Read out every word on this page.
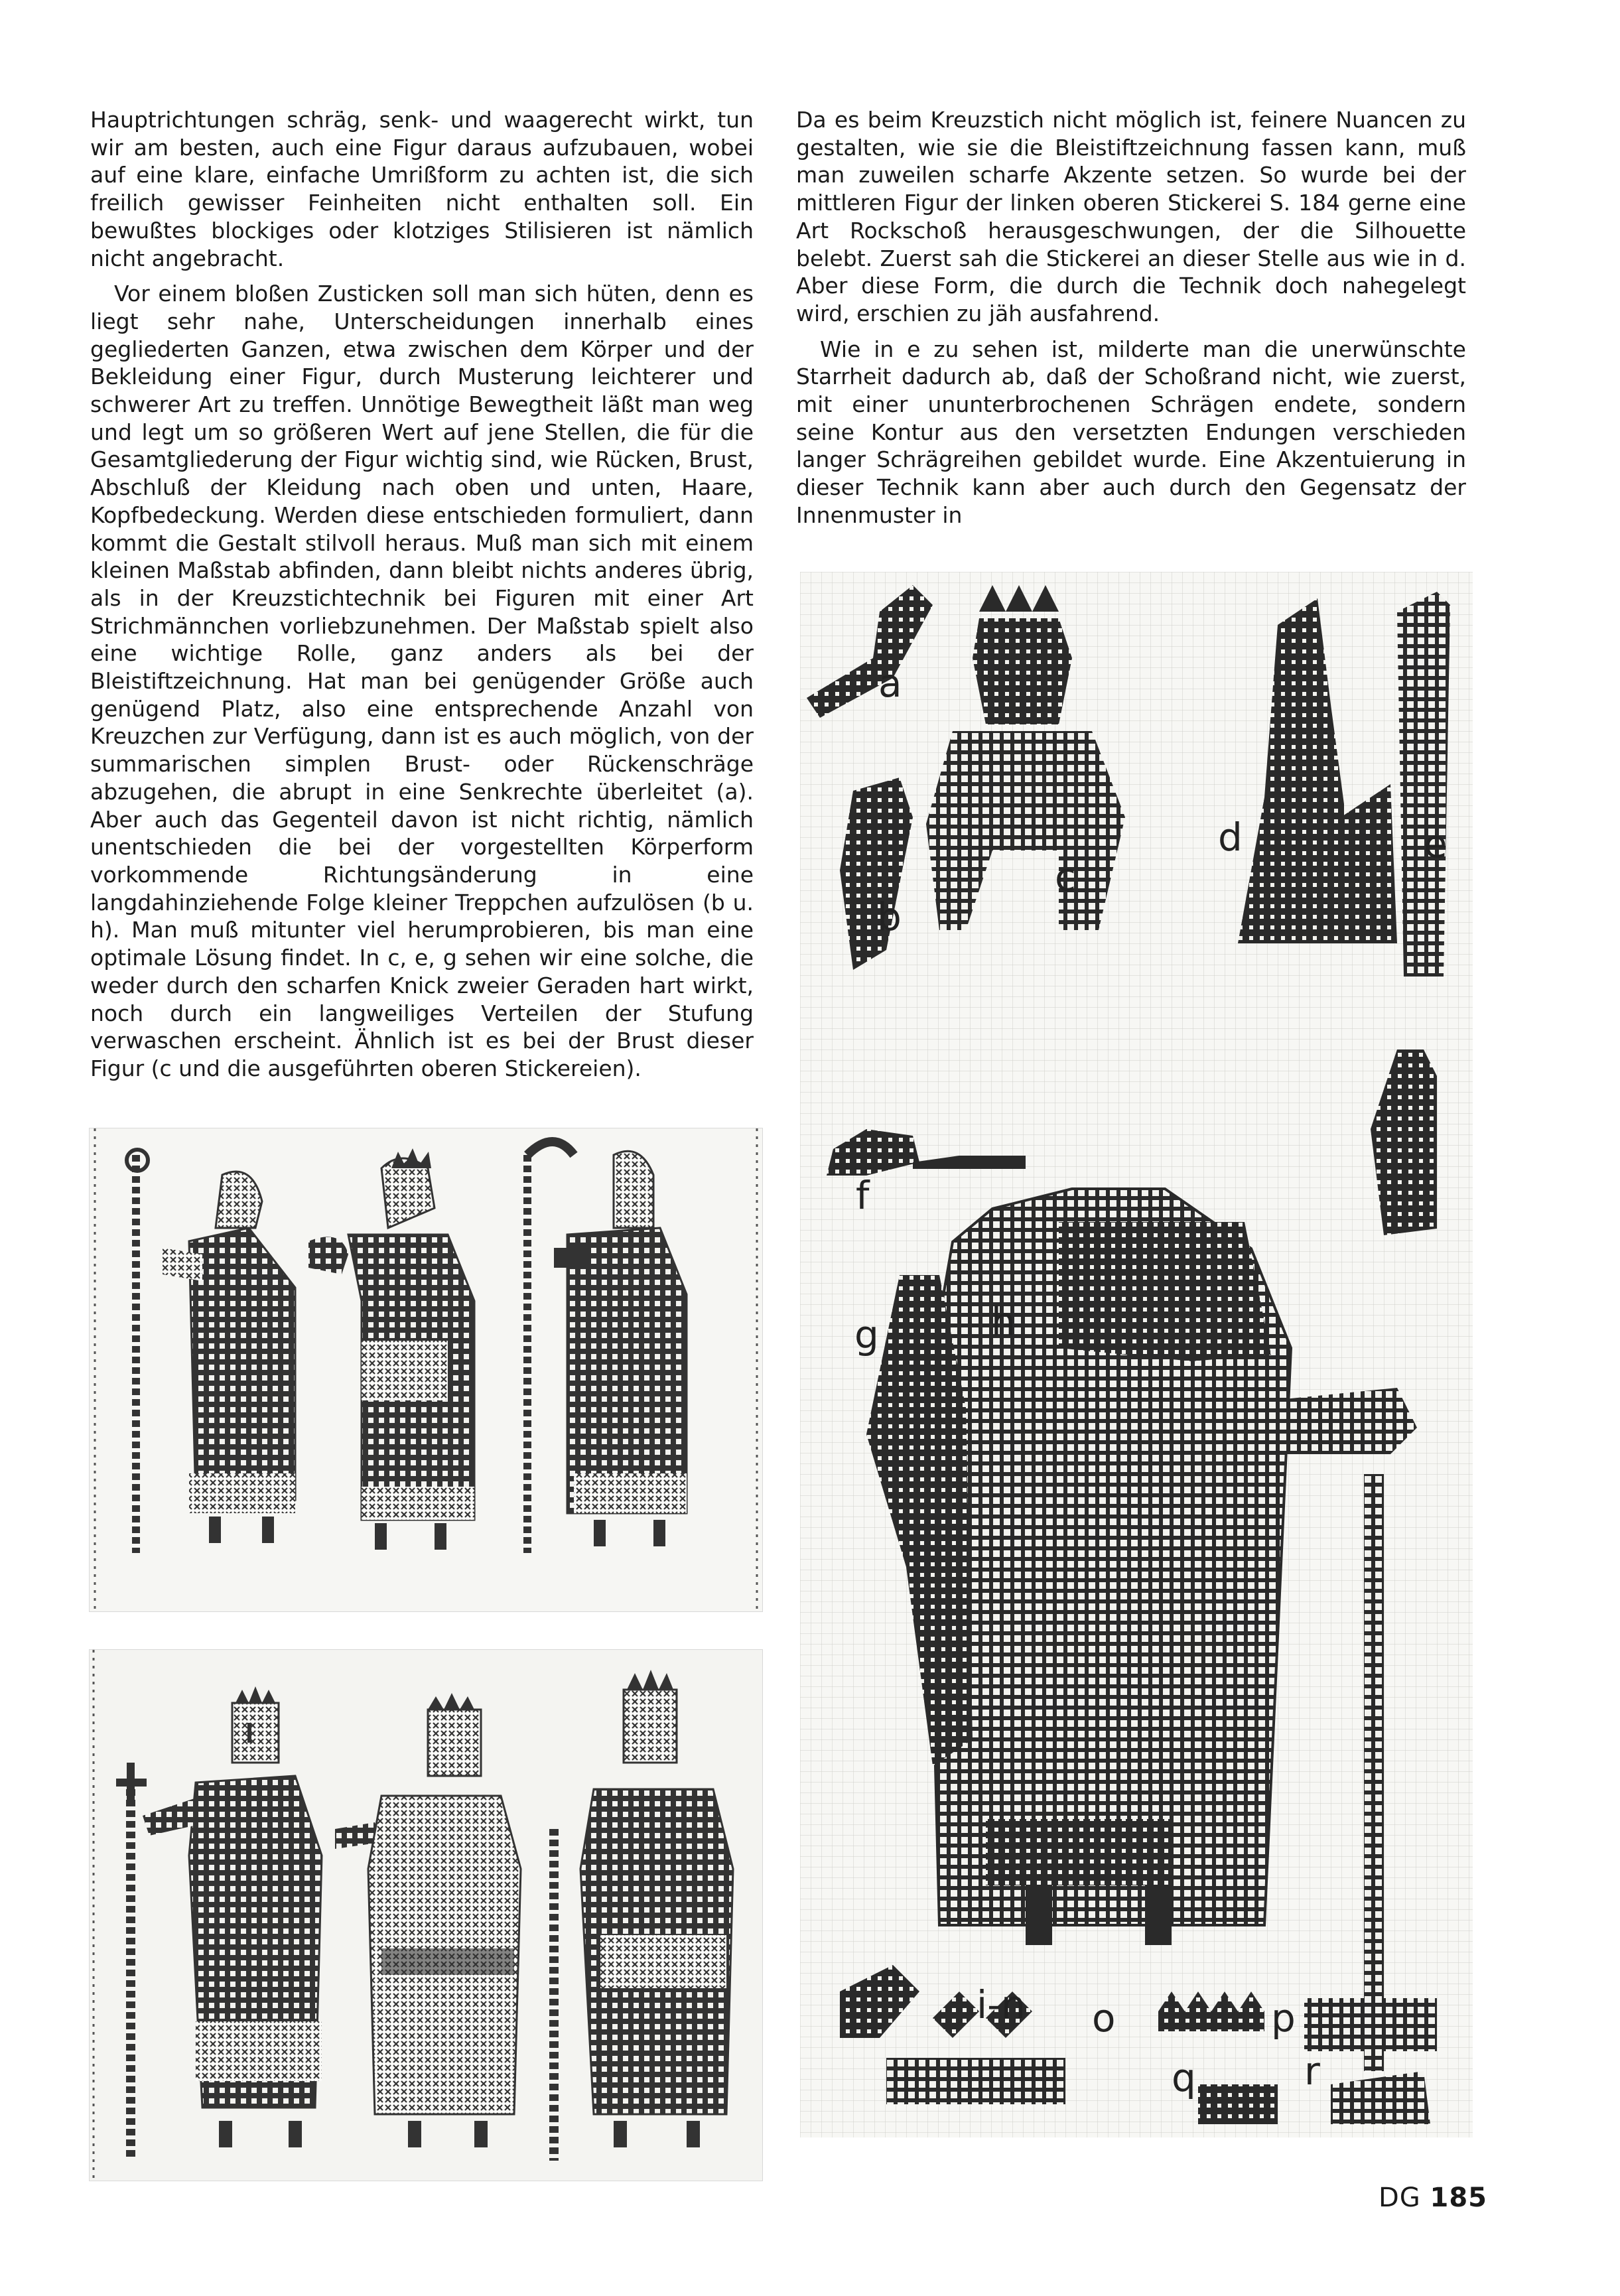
Hauptrichtungen schräg, senk- und waagerecht wirkt, tun wir am besten, auch eine Figur daraus aufzubauen, wobei auf eine klare, einfache Umrißform zu achten ist, die sich freilich gewisser Feinheiten nicht enthalten soll. Ein bewußtes blockiges oder klotziges Stilisieren ist nämlich nicht angebracht.

Vor einem bloßen Zusticken soll man sich hüten, denn es liegt sehr nahe, Unterscheidungen innerhalb eines gegliederten Ganzen, etwa zwischen dem Körper und der Bekleidung einer Figur, durch Musterung leichterer und schwerer Art zu treffen. Unnötige Bewegtheit läßt man weg und legt um so größeren Wert auf jene Stellen, die für die Gesamtgliederung der Figur wichtig sind, wie Rücken, Brust, Abschluß der Kleidung nach oben und unten, Haare, Kopfbedeckung. Werden diese entschieden formuliert, dann kommt die Gestalt stilvoll heraus. Muß man sich mit einem kleinen Maßstab abfinden, dann bleibt nichts anderes übrig, als in der Kreuzstichtechnik bei Figuren mit einer Art Strichmännchen vorliebzunehmen. Der Maßstab spielt also eine wichtige Rolle, ganz anders als bei der Bleistiftzeichnung. Hat man bei genügender Größe auch genügend Platz, also eine entsprechende Anzahl von Kreuzchen zur Verfügung, dann ist es auch möglich, von der summarischen simplen Brust- oder Rückenschräge abzugehen, die abrupt in eine Senkrechte überleitet (a). Aber auch das Gegenteil davon ist nicht richtig, nämlich unentschieden die bei der vorgestellten Körperform vorkommende Richtungsänderung in eine langdahinziehende Folge kleiner Treppchen aufzulösen (b u. h). Man muß mitunter viel herumprobieren, bis man eine optimale Lösung findet. In c, e, g sehen wir eine solche, die weder durch den scharfen Knick zweier Geraden hart wirkt, noch durch ein langweiliges Verteilen der Stufung verwaschen erscheint. Ähnlich ist es bei der Brust dieser Figur (c und die ausgeführten oberen Stickereien).

Da es beim Kreuzstich nicht möglich ist, feinere Nuancen zu gestalten, wie sie die Bleistiftzeichnung fassen kann, muß man zuweilen scharfe Akzente setzen. So wurde bei der mittleren Figur der linken oberen Stickerei S. 184 gerne eine Art Rockschoß herausgeschwungen, der die Silhouette belebt. Zuerst sah die Stickerei an dieser Stelle aus wie in d. Aber diese Form, die durch die Technik doch nahegelegt wird, erschien zu jäh ausfahrend.

Wie in e zu sehen ist, milderte man die unerwünschte Starrheit dadurch ab, daß der Schoßrand nicht, wie zuerst, mit einer ununterbrochenen Schrägen endete, sondern seine Kontur aus den versetzten Endungen verschieden langer Schrägreihen gebildet wurde. Eine Akzentuierung in dieser Technik kann aber auch durch den Gegensatz der Innenmuster in

a
b
c
d	e
f
g	h
i-n o	p
q	r
DG 185
